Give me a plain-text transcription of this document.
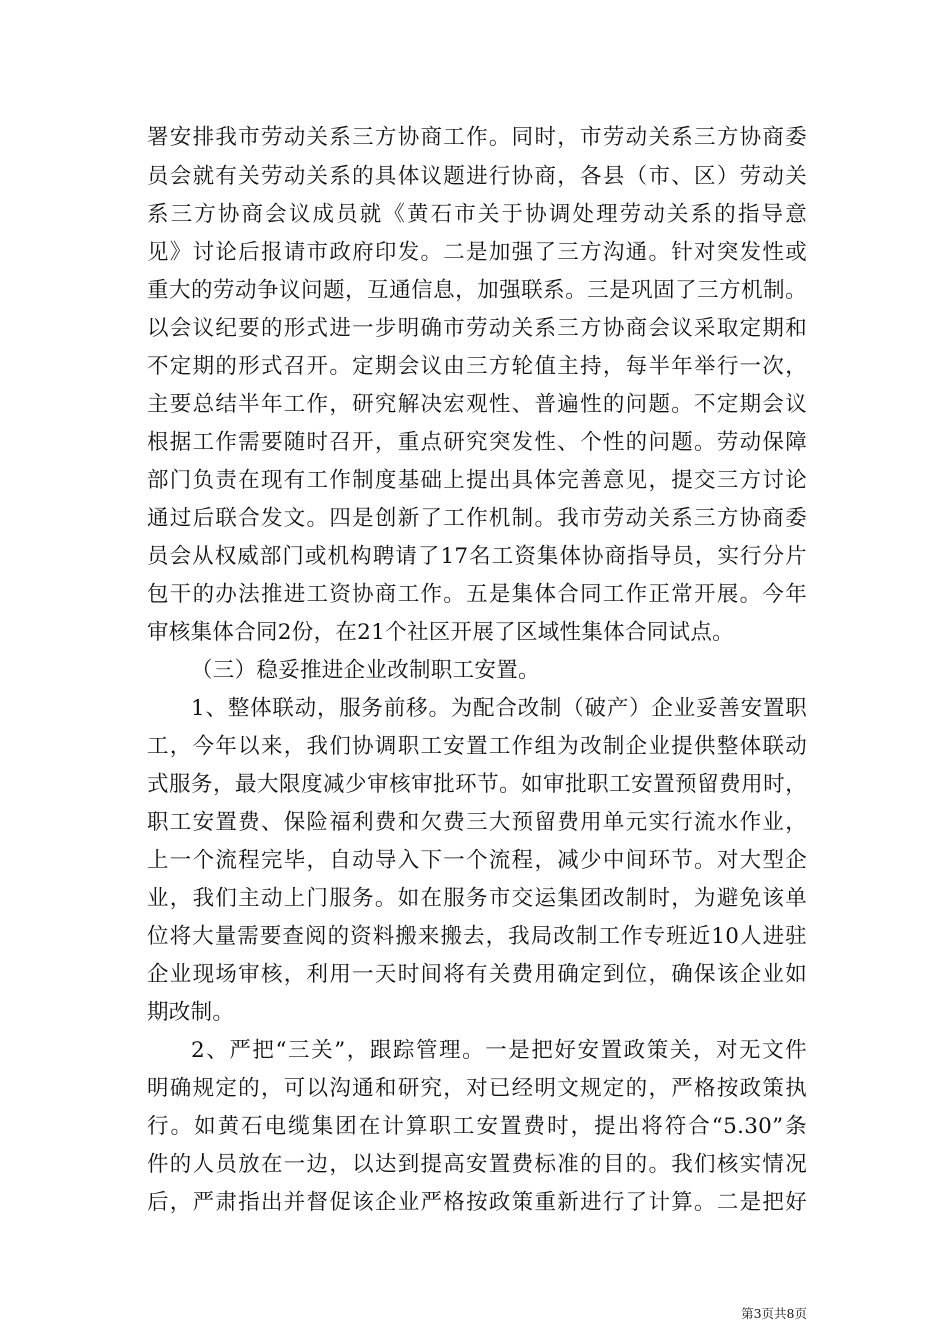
署安排我市劳动关系三方协商工作。同时，市劳动关系三方协商委
员会就有关劳动关系的具体议题进行协商，各县（市、区）劳动关
系三方协商会议成员就《黄石市关于协调处理劳动关系的指导意
见》讨论后报请市政府印发。二是加强了三方沟通。针对突发性或
重大的劳动争议问题，互通信息，加强联系。三是巩固了三方机制。
以会议纪要的形式进一步明确市劳动关系三方协商会议采取定期和
不定期的形式召开。定期会议由三方轮值主持，每半年举行一次，
主要总结半年工作，研究解决宏观性、普遍性的问题。不定期会议
根据工作需要随时召开，重点研究突发性、个性的问题。劳动保障
部门负责在现有工作制度基础上提出具体完善意见，提交三方讨论
通过后联合发文。四是创新了工作机制。我市劳动关系三方协商委
员会从权威部门或机构聘请了17名工资集体协商指导员，实行分片
包干的办法推进工资协商工作。五是集体合同工作正常开展。今年
审核集体合同2份，在21个社区开展了区域性集体合同试点。
（三）稳妥推进企业改制职工安置。
1、整体联动，服务前移。为配合改制（破产）企业妥善安置职
工，今年以来，我们协调职工安置工作组为改制企业提供整体联动
式服务，最大限度减少审核审批环节。如审批职工安置预留费用时，
职工安置费、保险福利费和欠费三大预留费用单元实行流水作业，
上一个流程完毕，自动导入下一个流程，减少中间环节。对大型企
业，我们主动上门服务。如在服务市交运集团改制时，为避免该单
位将大量需要查阅的资料搬来搬去，我局改制工作专班近10人进驻
企业现场审核，利用一天时间将有关费用确定到位，确保该企业如
期改制。
2、严把“三关”，跟踪管理。一是把好安置政策关，对无文件
明确规定的，可以沟通和研究，对已经明文规定的，严格按政策执
行。如黄石电缆集团在计算职工安置费时，提出将符合“5.30”条
件的人员放在一边，以达到提高安置费标准的目的。我们核实情况
后，严肃指出并督促该企业严格按政策重新进行了计算。二是把好
第3页共8页
